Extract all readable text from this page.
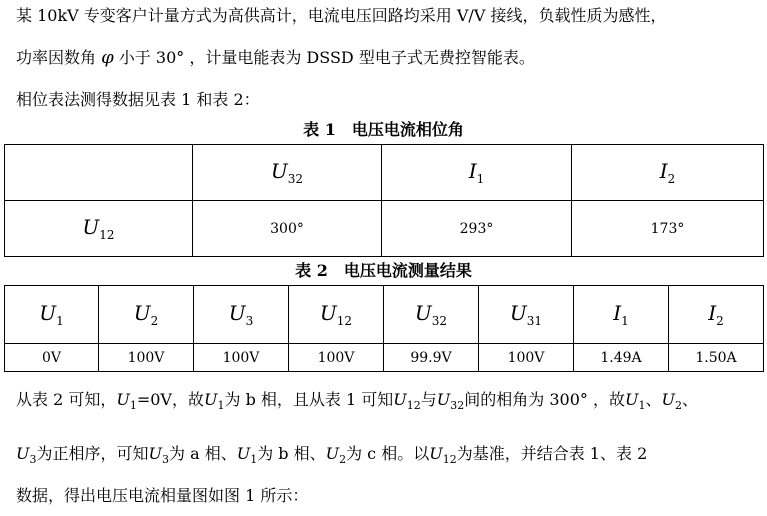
某 10kV 专变客户计量方式为高供高计，电流电压回路均采用 V/V 接线，负载性质为感性，
功率因数角 φ 小于 30° ，计量电能表为 DSSD 型电子式无费控智能表。
相位表法测得数据见表 1 和表 2：
表 1　电压电流相位角
	$U_{32}$	$I_1$	$I_2$
$U_{12}$	300°	293°	173°
表 2　电压电流测量结果
$U_1$	$U_2$	$U_3$	$U_{12}$	$U_{32}$	$U_{31}$	$I_1$	$I_2$
0V	100V	100V	100V	99.9V	100V	1.49A	1.50A
从表 2 可知，$U_1=0V$，故$U_1$为 b 相，且从表 1 可知$U_{12}$与$U_{32}$间的相角为 300° ，故$U_1$、$U_2$、
$U_3$为正相序，可知$U_3$为 a 相、$U_1$为 b 相、$U_2$为 c 相。以$U_{12}$为基准，并结合表 1、表 2
数据，得出电压电流相量图如图 1 所示：
